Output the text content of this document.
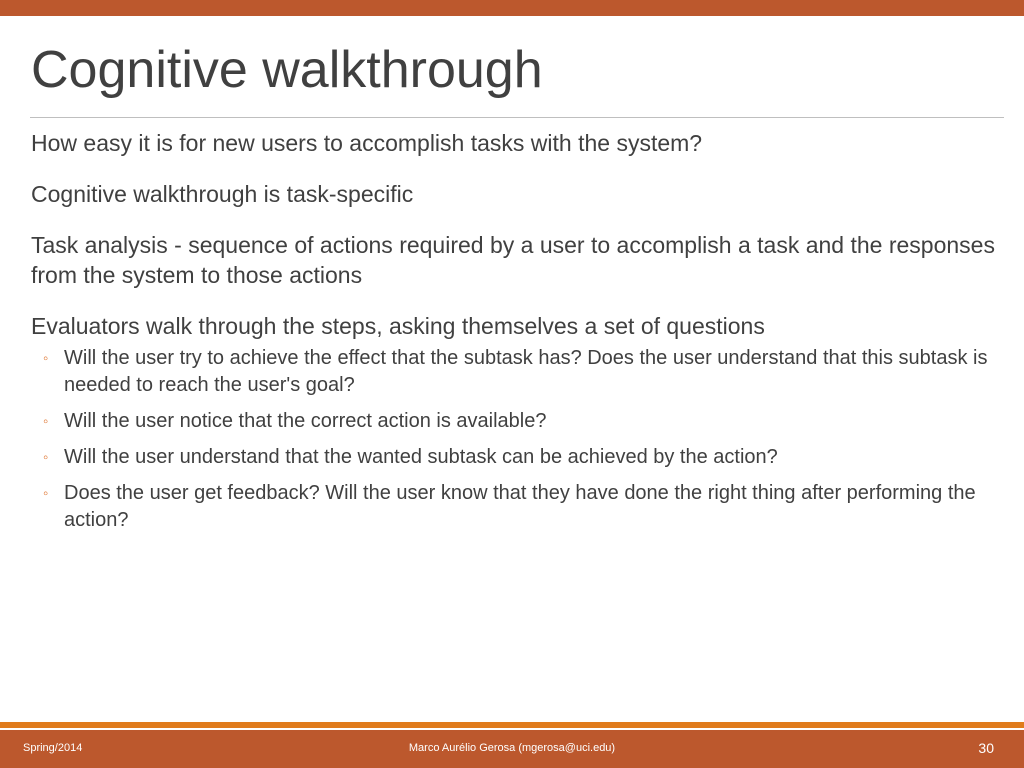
Cognitive walkthrough

How easy it is for new users to accomplish tasks with the system?

Cognitive walkthrough is task-specific

Task analysis - sequence of actions required by a user to accomplish a task and the responses from the system to those actions

Evaluators walk through the steps, asking themselves a set of questions

◦ Will the user try to achieve the effect that the subtask has? Does the user understand that this subtask is needed to reach the user's goal?
◦ Will the user notice that the correct action is available?
◦ Will the user understand that the wanted subtask can be achieved by the action?
◦ Does the user get feedback? Will the user know that they have done the right thing after performing the action?
Spring/2014	Marco Aurélio Gerosa (mgerosa@uci.edu)	30
